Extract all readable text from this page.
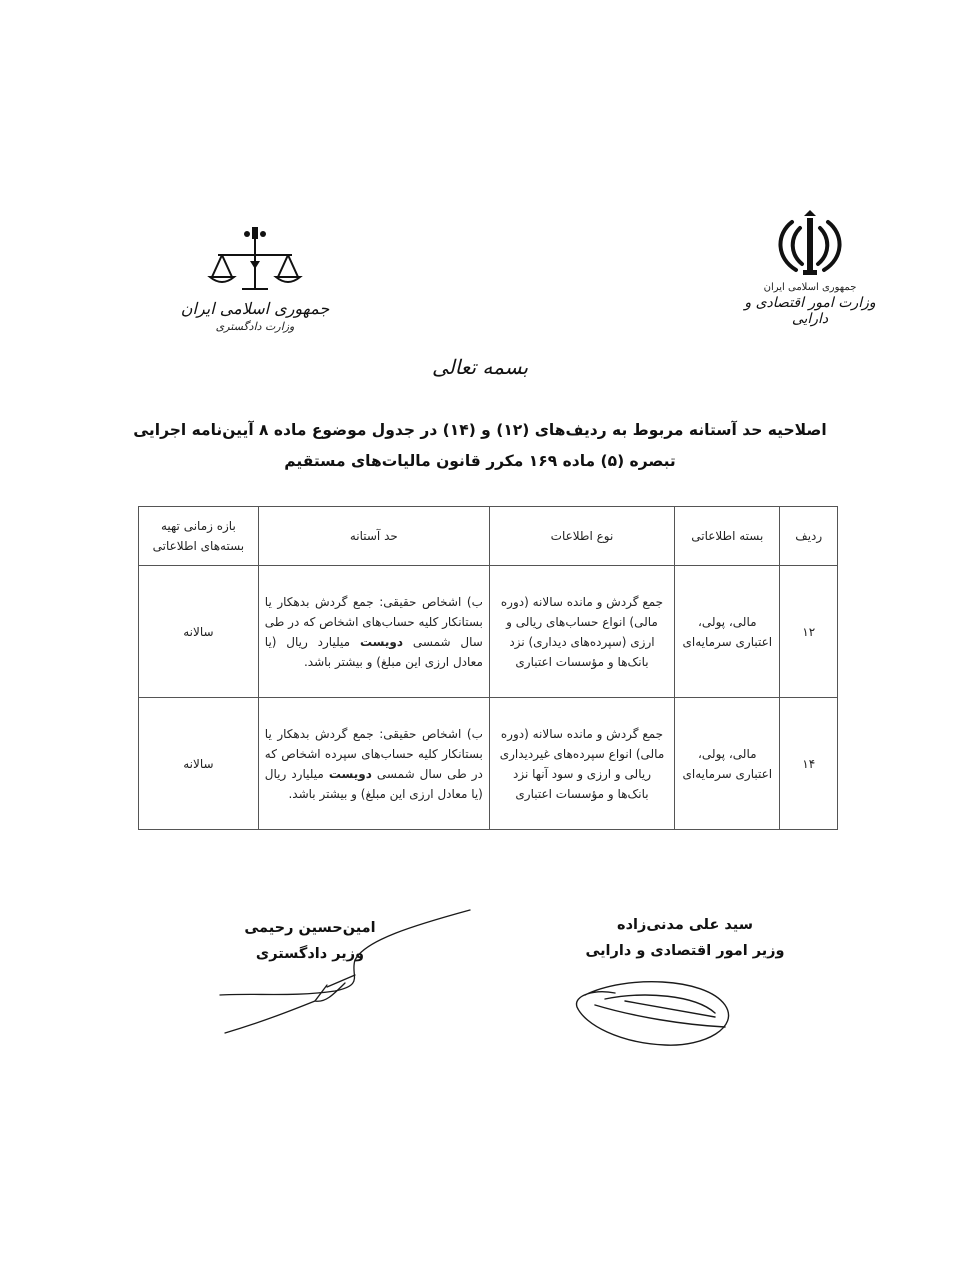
جمهوری اسلامی ایران
وزارت امور اقتصادی و دارایی
جمهوری اسلامی ایران
وزارت دادگستری
بسمه تعالی
اصلاحیه حد آستانه مربوط به ردیف‌های (۱۲) و (۱۴) در جدول موضوع ماده ۸ آیین‌نامه اجرایی
تبصره (۵) ماده ۱۶۹ مکرر قانون مالیات‌های مستقیم
ردیف	بسته اطلاعاتی	نوع اطلاعات	حد آستانه	بازه زمانی تهیه بسته‌های اطلاعاتی
۱۲	مالی، پولی، اعتباری سرمایه‌ای	جمع گردش و مانده سالانه (دوره مالی) انواع حساب‌های ریالی و ارزی (سپرده‌های دیداری) نزد بانک‌ها و مؤسسات اعتباری	ب) اشخاص حقیقی: جمع گردش بدهکار یا بستانکار کلیه حساب‌های اشخاص که در طی سال شمسی دویست میلیارد ریال (یا معادل ارزی این مبلغ) و بیشتر باشد.	سالانه
۱۴	مالی، پولی، اعتباری سرمایه‌ای	جمع گردش و مانده سالانه (دوره مالی) انواع سپرده‌های غیردیداری ریالی و ارزی و سود آنها نزد بانک‌ها و مؤسسات اعتباری	ب) اشخاص حقیقی: جمع گردش بدهکار یا بستانکار کلیه حساب‌های سپرده اشخاص که در طی سال شمسی دویست میلیارد ریال (یا معادل ارزی این مبلغ) و بیشتر باشد.	سالانه
سید علی مدنی‌زاده
وزیر امور اقتصادی و دارایی
امین‌حسین رحیمی
وزیر دادگستری
